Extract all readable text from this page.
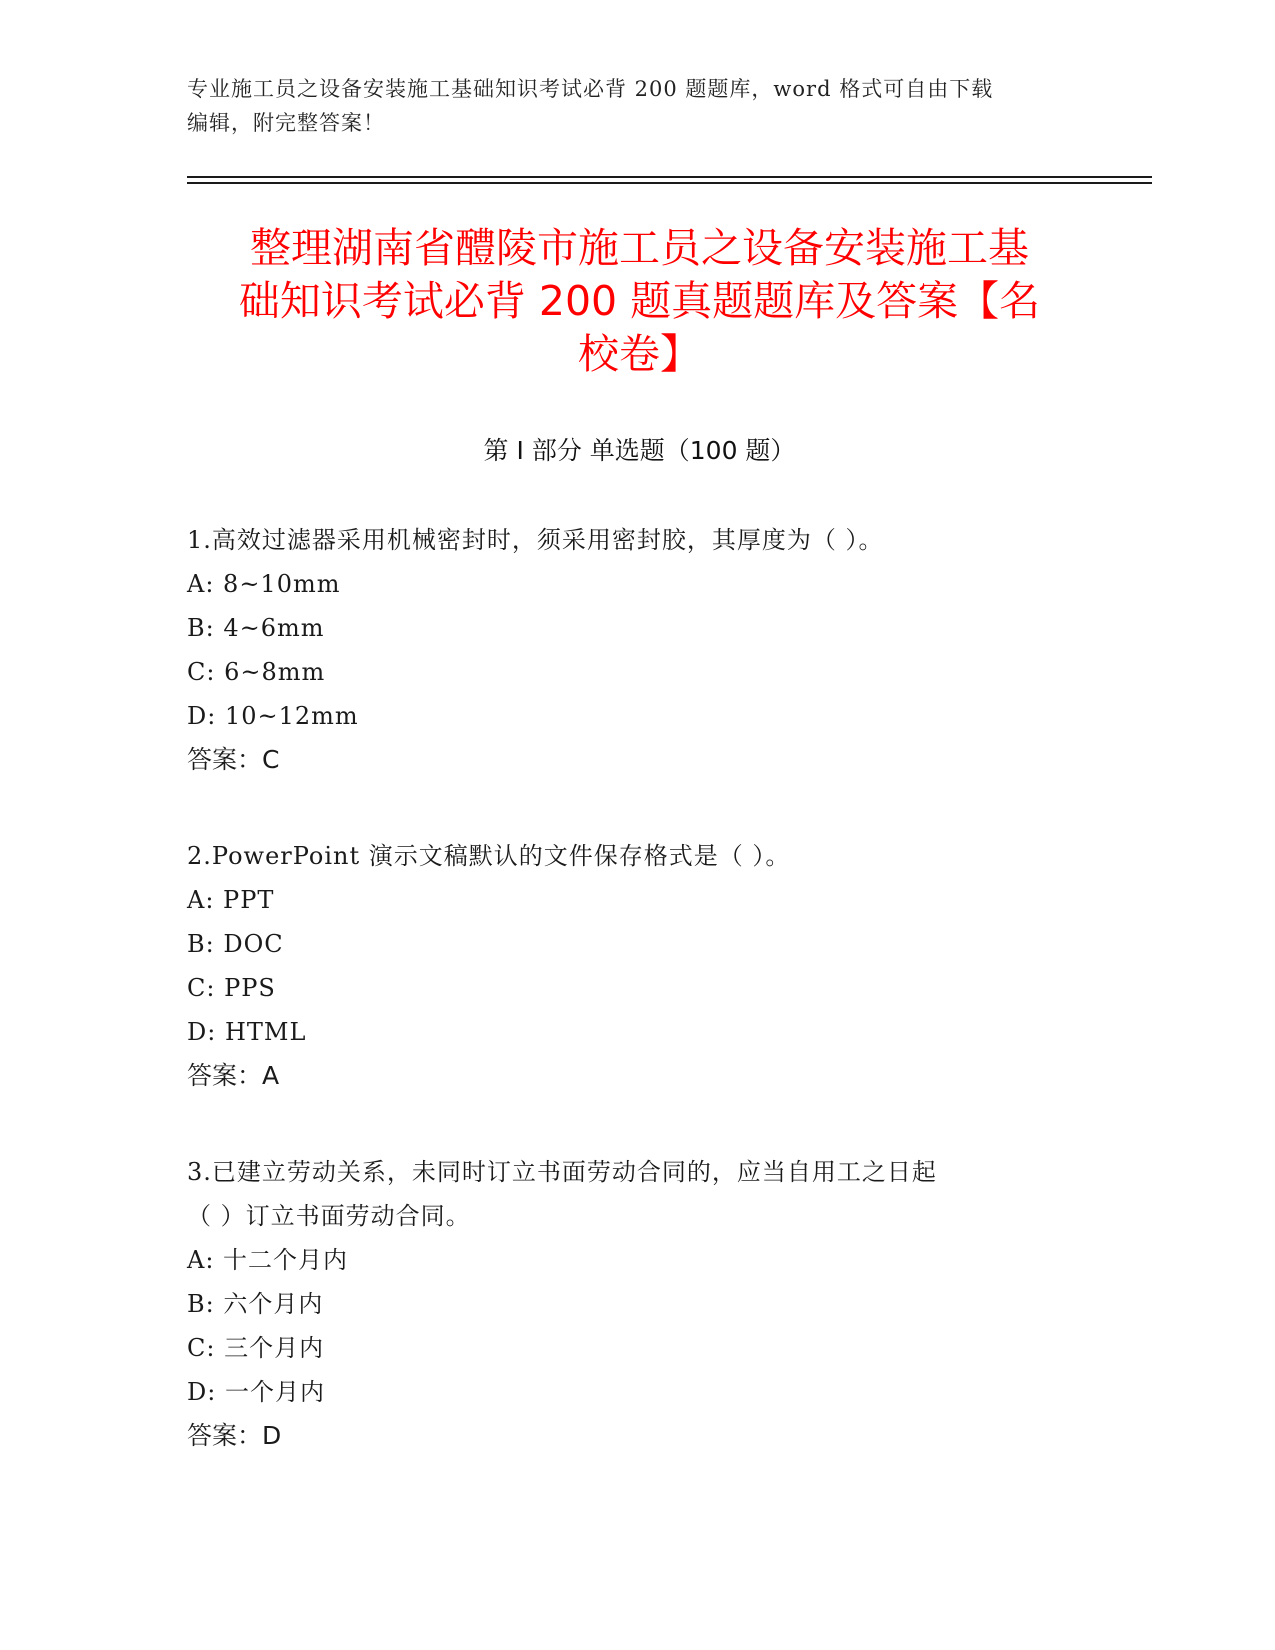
专业施工员之设备安装施工基础知识考试必背 200 题题库，word 格式可自由下载
编辑，附完整答案！
整理湖南省醴陵市施工员之设备安装施工基
础知识考试必背 200 题真题题库及答案【名
校卷】
第 I 部分 单选题（100 题）
1.高效过滤器采用机械密封时，须采用密封胶，其厚度为（ ）。
A: 8~10mm
B: 4~6mm
C: 6~8mm
D: 10~12mm
答案：C
2.PowerPoint 演示文稿默认的文件保存格式是（ ）。
A: PPT
B: DOC
C: PPS
D: HTML
答案：A
3.已建立劳动关系，未同时订立书面劳动合同的，应当自用工之日起
（ ）订立书面劳动合同。
A: 十二个月内
B: 六个月内
C: 三个月内
D: 一个月内
答案：D
